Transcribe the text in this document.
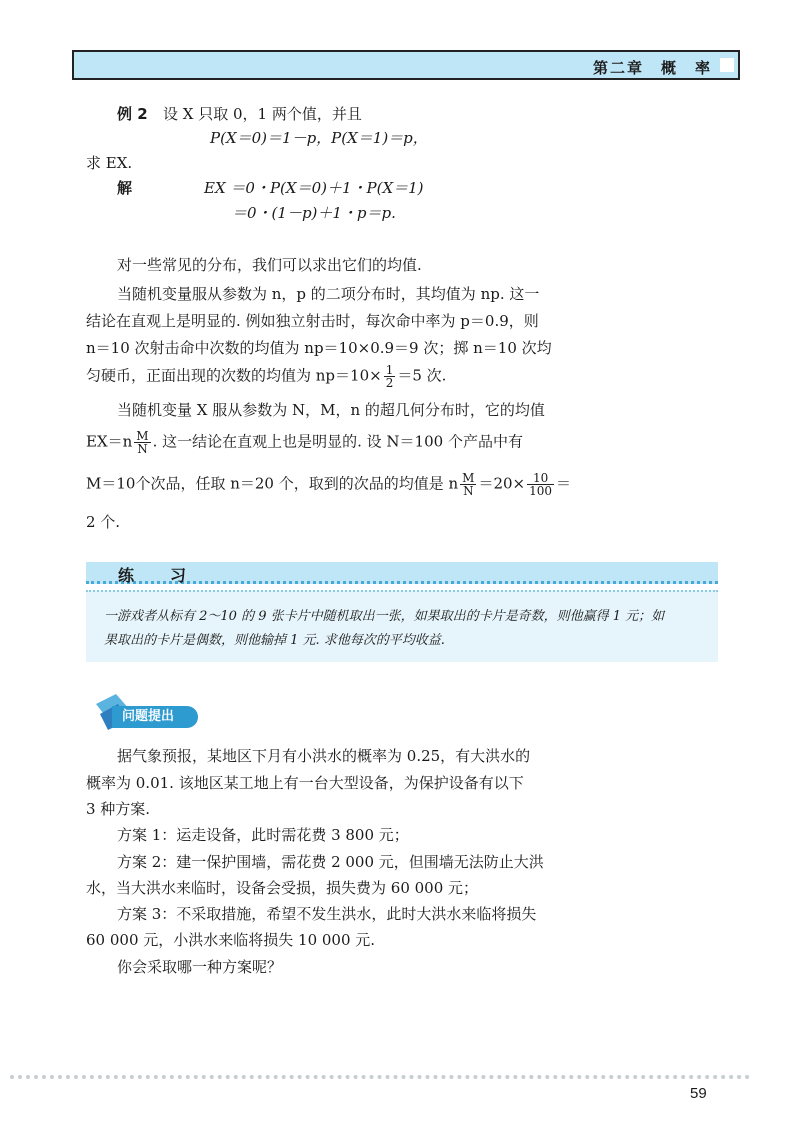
第二章　概　率
例 2 设 X 只取 0，1 两个值，并且
P(X＝0)＝1－p，P(X＝1)＝p，
求 EX.
解	EX ＝0・P(X＝0)＋1・P(X＝1)
＝0・(1－p)＋1・p＝p.
对一些常见的分布，我们可以求出它们的均值.
当随机变量服从参数为 n，p 的二项分布时，其均值为 np. 这一
结论在直观上是明显的. 例如独立射击时，每次命中率为 p＝0.9，则
n＝10 次射击命中次数的均值为 np＝10×0.9＝9 次；掷 n＝10 次均
匀硬币，正面出现的次数的均值为 $np=10\times \frac{1}{2} =5$ 次.
当随机变量 X 服从参数为 N，M，n 的超几何分布时，它的均值
$EX=n \frac{M}{N}$ . 这一结论在直观上也是明显的. 设 N＝100 个产品中有
M＝10个次品，任取 n＝20 个，取到的次品的均值是 n $\frac{M}{N} =20\times \frac{10}{100}$ ＝
2 个.
练　习
一游戏者从标有 2～10 的 9 张卡片中随机取出一张，如果取出的卡片是奇数，则他赢得 1 元；如
果取出的卡片是偶数，则他输掉 1 元. 求他每次的平均收益.
问题提出
据气象预报，某地区下月有小洪水的概率为 0.25，有大洪水的
概率为 0.01. 该地区某工地上有一台大型设备，为保护设备有以下
3 种方案.
方案 1：运走设备，此时需花费 3 800 元；
方案 2：建一保护围墙，需花费 2 000 元，但围墙无法防止大洪
水，当大洪水来临时，设备会受损，损失费为 60 000 元；
方案 3：不采取措施，希望不发生洪水，此时大洪水来临将损失
60 000 元，小洪水来临将损失 10 000 元.
你会采取哪一种方案呢？
59
